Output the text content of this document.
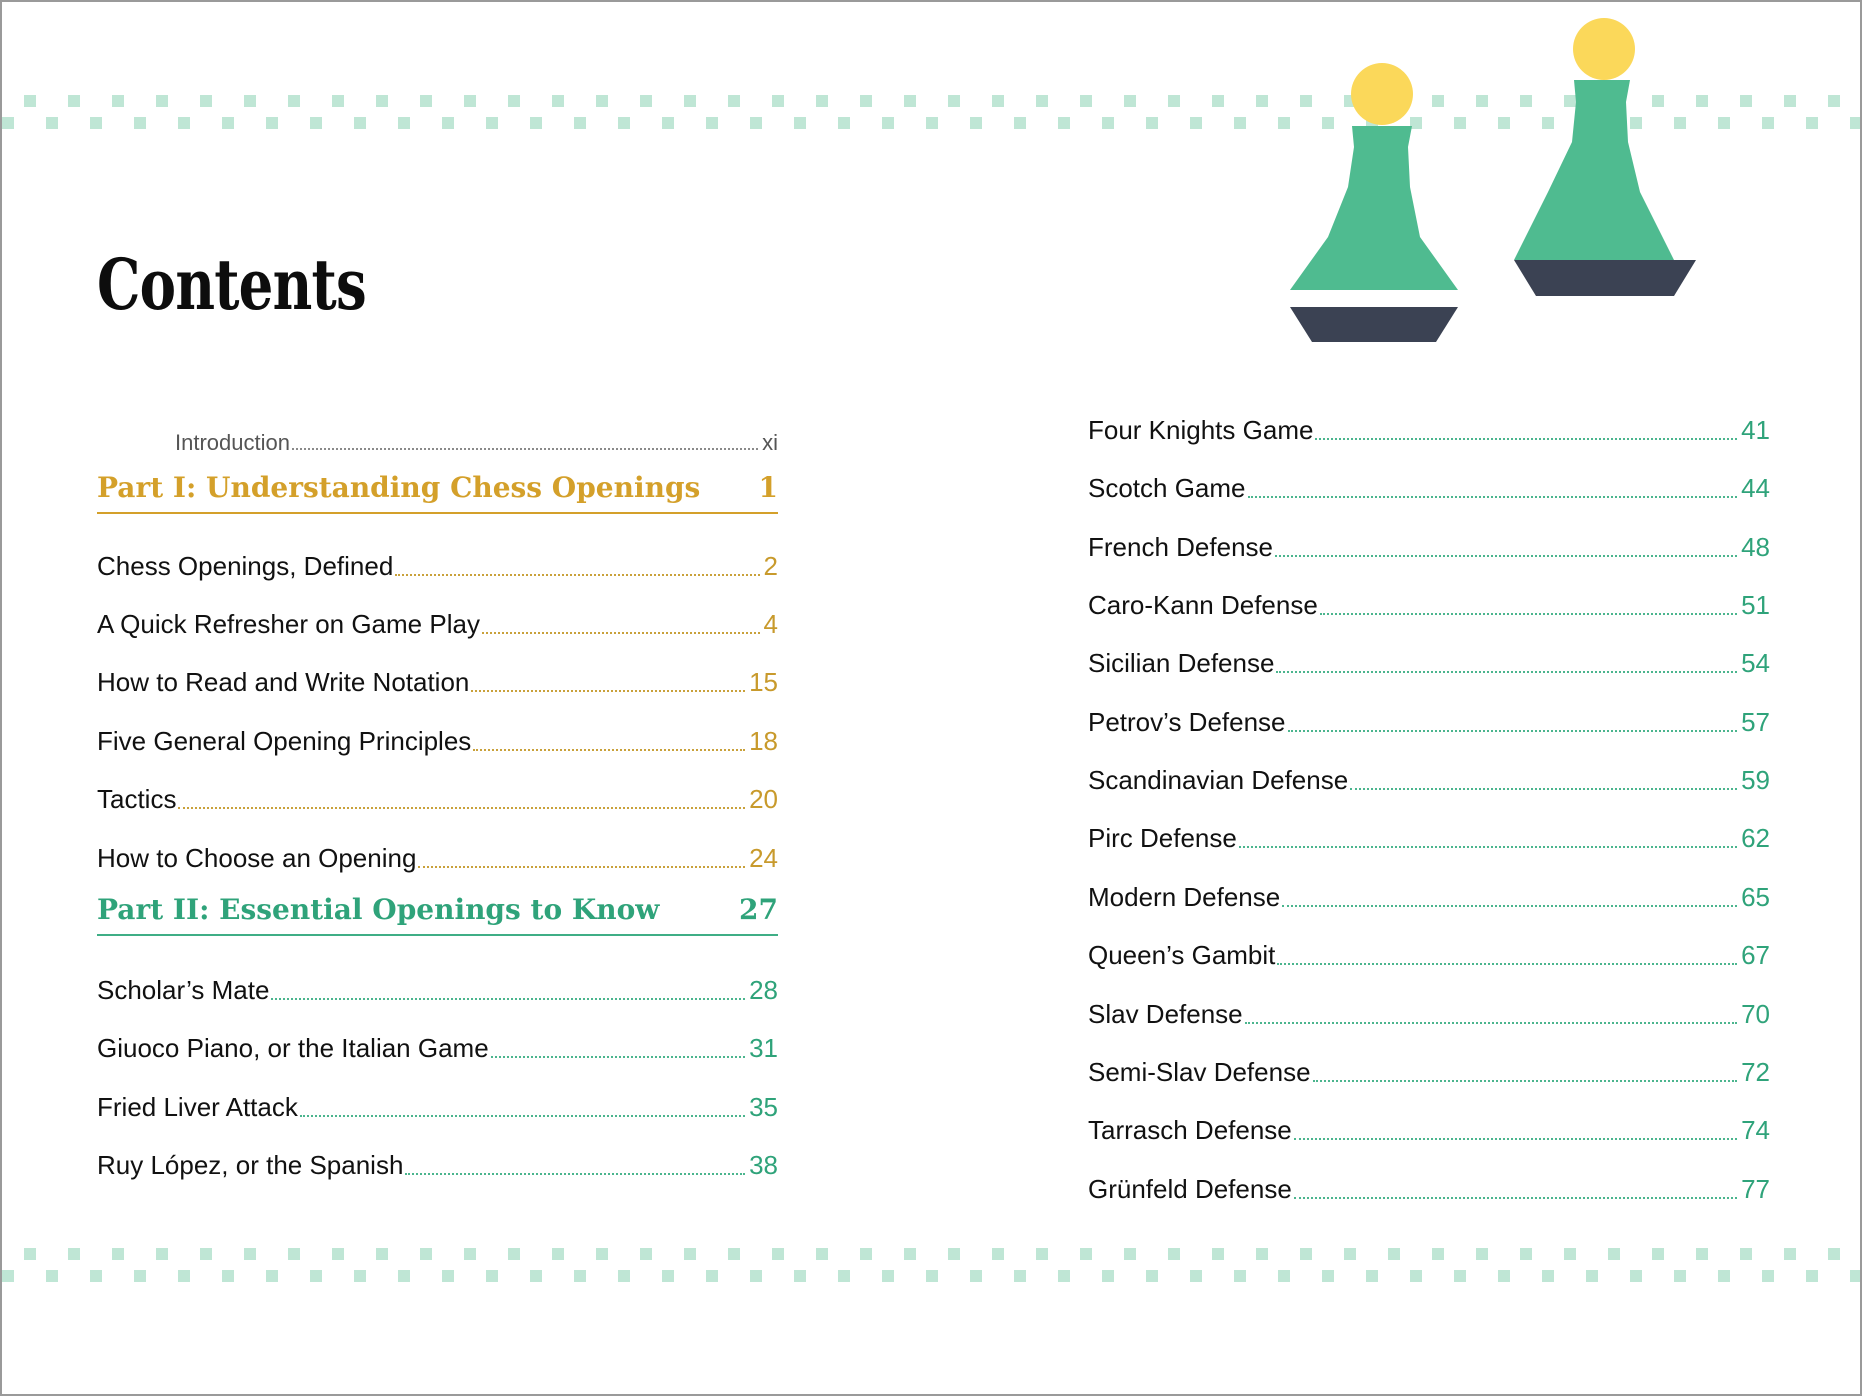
Contents
Introduction	xi
Part I: Understanding Chess Openings 1
Chess Openings, Defined	2
A Quick Refresher on Game Play	4
How to Read and Write Notation	15
Five General Opening Principles	18
Tactics	20
How to Choose an Opening	24
Part II: Essential Openings to Know	27
Scholar’s Mate	28
Giuoco Piano, or the Italian Game	31
Fried Liver Attack	35
Ruy López, or the Spanish	38
Four Knights Game	41
Scotch Game	44
French Defense	48
Caro-Kann Defense	51
Sicilian Defense	54
Petrov’s Defense	57
Scandinavian Defense	59
Pirc Defense	62
Modern Defense	65
Queen’s Gambit	67
Slav Defense	70
Semi-Slav Defense	72
Tarrasch Defense	74
Grünfeld Defense	77
